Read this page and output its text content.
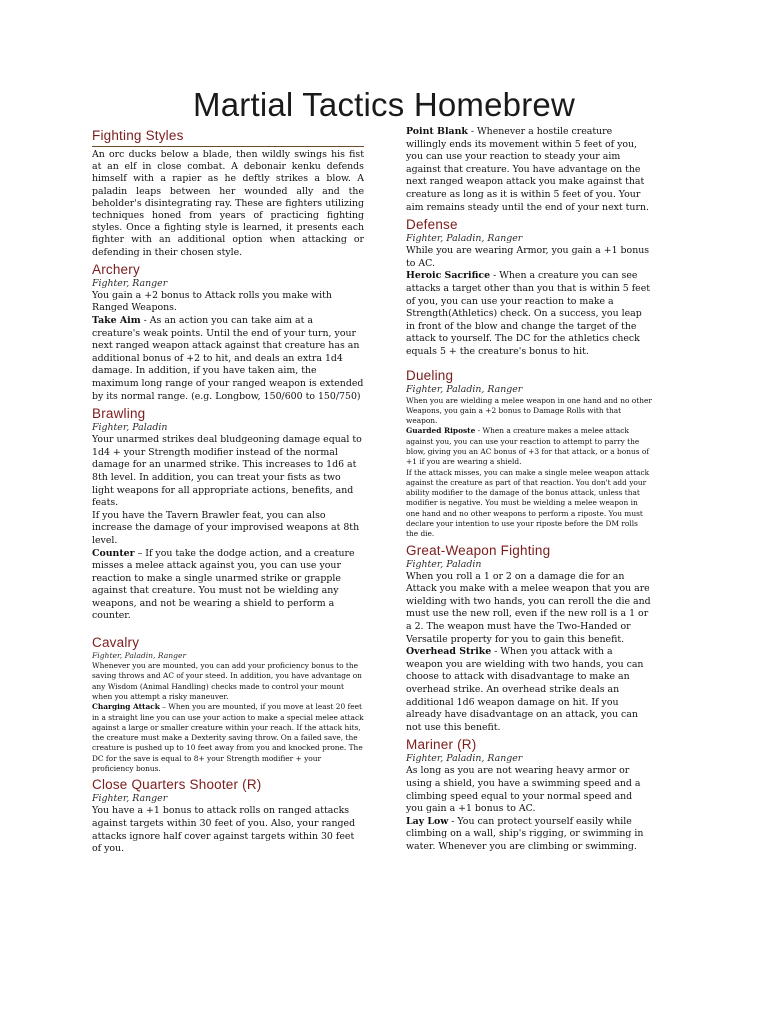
Martial Tactics Homebrew
Fighting Styles

An orc ducks below a blade, then wildly swings his fist at an elf in close combat. A debonair kenku defends himself with a rapier as he deftly strikes a blow. A paladin leaps between her wounded ally and the beholder's disintegrating ray. These are fighters utilizing techniques honed from years of practicing fighting styles. Once a fighting style is learned, it presents each fighter with an additional option when attacking or defending in their chosen style.

Archery

Fighter, Ranger

You gain a +2 bonus to Attack rolls you make with Ranged Weapons.

Take Aim - As an action you can take aim at a creature's weak points. Until the end of your turn, your next ranged weapon attack against that creature has an additional bonus of +2 to hit, and deals an extra 1d4 damage. In addition, if you have taken aim, the maximum long range of your ranged weapon is extended by its normal range. (e.g. Longbow, 150/600 to 150/750)

Brawling

Fighter, Paladin

Your unarmed strikes deal bludgeoning damage equal to 1d4 + your Strength modifier instead of the normal damage for an unarmed strike. This increases to 1d6 at 8th level. In addition, you can treat your fists as two light weapons for all appropriate actions, benefits, and feats.

If you have the Tavern Brawler feat, you can also increase the damage of your improvised weapons at 8th level.

Counter – If you take the dodge action, and a creature misses a melee attack against you, you can use your reaction to make a single unarmed strike or grapple against that creature. You must not be wielding any weapons, and not be wearing a shield to perform a counter.

Cavalry

Fighter, Paladin, Ranger

Whenever you are mounted, you can add your proficiency bonus to the saving throws and AC of your steed. In addition, you have advantage on any Wisdom (Animal Handling) checks made to control your mount when you attempt a risky maneuver.

Charging Attack – When you are mounted, if you move at least 20 feet in a straight line you can use your action to make a special melee attack against a large or smaller creature within your reach. If the attack hits, the creature must make a Dexterity saving throw. On a failed save, the creature is pushed up to 10 feet away from you and knocked prone. The DC for the save is equal to 8+ your Strength modifier + your proficiency bonus.

Close Quarters Shooter (R)

Fighter, Ranger

You have a +1 bonus to attack rolls on ranged attacks against targets within 30 feet of you. Also, your ranged attacks ignore half cover against targets within 30 feet of you.

Point Blank - Whenever a hostile creature willingly ends its movement within 5 feet of you, you can use your reaction to steady your aim against that creature. You have advantage on the next ranged weapon attack you make against that creature as long as it is within 5 feet of you. Your aim remains steady until the end of your next turn.

Defense

Fighter, Paladin, Ranger

While you are wearing Armor, you gain a +1 bonus to AC.

Heroic Sacrifice - When a creature you can see attacks a target other than you that is within 5 feet of you, you can use your reaction to make a Strength(Athletics) check. On a success, you leap in front of the blow and change the target of the attack to yourself. The DC for the athletics check equals 5 + the creature's bonus to hit.

Dueling

Fighter, Paladin, Ranger

When you are wielding a melee weapon in one hand and no other Weapons, you gain a +2 bonus to Damage Rolls with that weapon.

Guarded Riposte - When a creature makes a melee attack against you, you can use your reaction to attempt to parry the blow, giving you an AC bonus of +3 for that attack, or a bonus of +1 if you are wearing a shield.

If the attack misses, you can make a single melee weapon attack against the creature as part of that reaction. You don't add your ability modifier to the damage of the bonus attack, unless that modifier is negative. You must be wielding a melee weapon in one hand and no other weapons to perform a riposte. You must declare your intention to use your riposte before the DM rolls the die.

Great-Weapon Fighting

Fighter, Paladin

When you roll a 1 or 2 on a damage die for an Attack you make with a melee weapon that you are wielding with two hands, you can reroll the die and must use the new roll, even if the new roll is a 1 or a 2. The weapon must have the Two-Handed or Versatile property for you to gain this benefit.

Overhead Strike - When you attack with a weapon you are wielding with two hands, you can choose to attack with disadvantage to make an overhead strike. An overhead strike deals an additional 1d6 weapon damage on hit. If you already have disadvantage on an attack, you can not use this benefit.

Mariner (R)

Fighter, Paladin, Ranger

As long as you are not wearing heavy armor or using a shield, you have a swimming speed and a climbing speed equal to your normal speed and you gain a +1 bonus to AC.

Lay Low - You can protect yourself easily while climbing on a wall, ship's rigging, or swimming in water. Whenever you are climbing or swimming.
